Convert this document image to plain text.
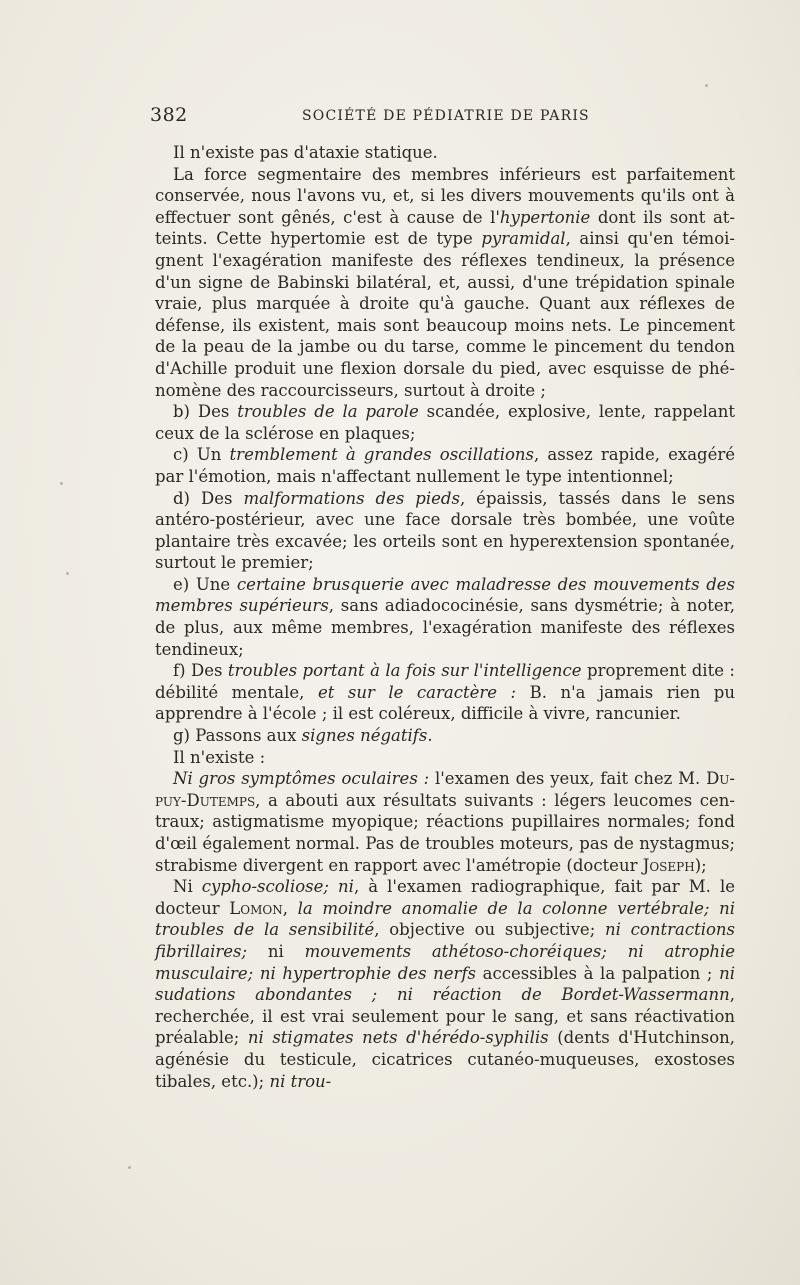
382	SOCIÉTÉ DE PÉDIATRIE DE PARIS

Il n'existe pas d'ataxie statique.

La force segmentaire des membres inférieurs est parfaitement conservée, nous l'avons vu, et, si les divers mouvements qu'ils ont à effectuer sont gênés, c'est à cause de l'hypertonie dont ils sont atteints. Cette hypertomie est de type pyramidal, ainsi qu'en témoignent l'exagération manifeste des réflexes tendineux, la présence d'un signe de Babinski bilatéral, et, aussi, d'une trépidation spinale vraie, plus marquée à droite qu'à gauche. Quant aux réflexes de défense, ils existent, mais sont beaucoup moins nets. Le pincement de la peau de la jambe ou du tarse, comme le pincement du tendon d'Achille produit une flexion dorsale du pied, avec esquisse de phénomène des raccourcisseurs, surtout à droite ;

b) Des troubles de la parole scandée, explosive, lente, rappelant ceux de la sclérose en plaques;

c) Un tremblement à grandes oscillations, assez rapide, exagéré par l'émotion, mais n'affectant nullement le type intentionnel;

d) Des malformations des pieds, épaissis, tassés dans le sens antéro-postérieur, avec une face dorsale très bombée, une voûte plantaire très excavée; les orteils sont en hyperextension spontanée, surtout le premier;

e) Une certaine brusquerie avec maladresse des mouvements des membres supérieurs, sans adiadococinésie, sans dysmétrie; à noter, de plus, aux même membres, l'exagération manifeste des réflexes tendineux;

f) Des troubles portant à la fois sur l'intelligence proprement dite : débilité mentale, et sur le caractère : B. n'a jamais rien pu apprendre à l'école ; il est coléreux, difficile à vivre, rancunier.

g) Passons aux signes négatifs.

Il n'existe :

Ni gros symptômes oculaires : l'examen des yeux, fait chez M. Dupuy-Dutemps, a abouti aux résultats suivants : légers leucomes centraux; astigmatisme myopique; réactions pupillaires normales; fond d'œil également normal. Pas de troubles moteurs, pas de nystagmus; strabisme divergent en rapport avec l'amétropie (docteur Joseph);

Ni cypho-scoliose; ni, à l'examen radiographique, fait par M. le docteur Lomon, la moindre anomalie de la colonne vertébrale; ni troubles de la sensibilité, objective ou subjective; ni contractions fibrillaires; ni mouvements athétoso-choréiques; ni atrophie musculaire; ni hypertrophie des nerfs accessibles à la palpation ; ni sudations abondantes ; ni réaction de Bordet-Wassermann, recherchée, il est vrai seulement pour le sang, et sans réactivation préalable; ni stigmates nets d'hérédo-syphilis (dents d'Hutchinson, agénésie du testicule, cicatrices cutanéo-muqueuses, exostoses tibales, etc.); ni trou-
